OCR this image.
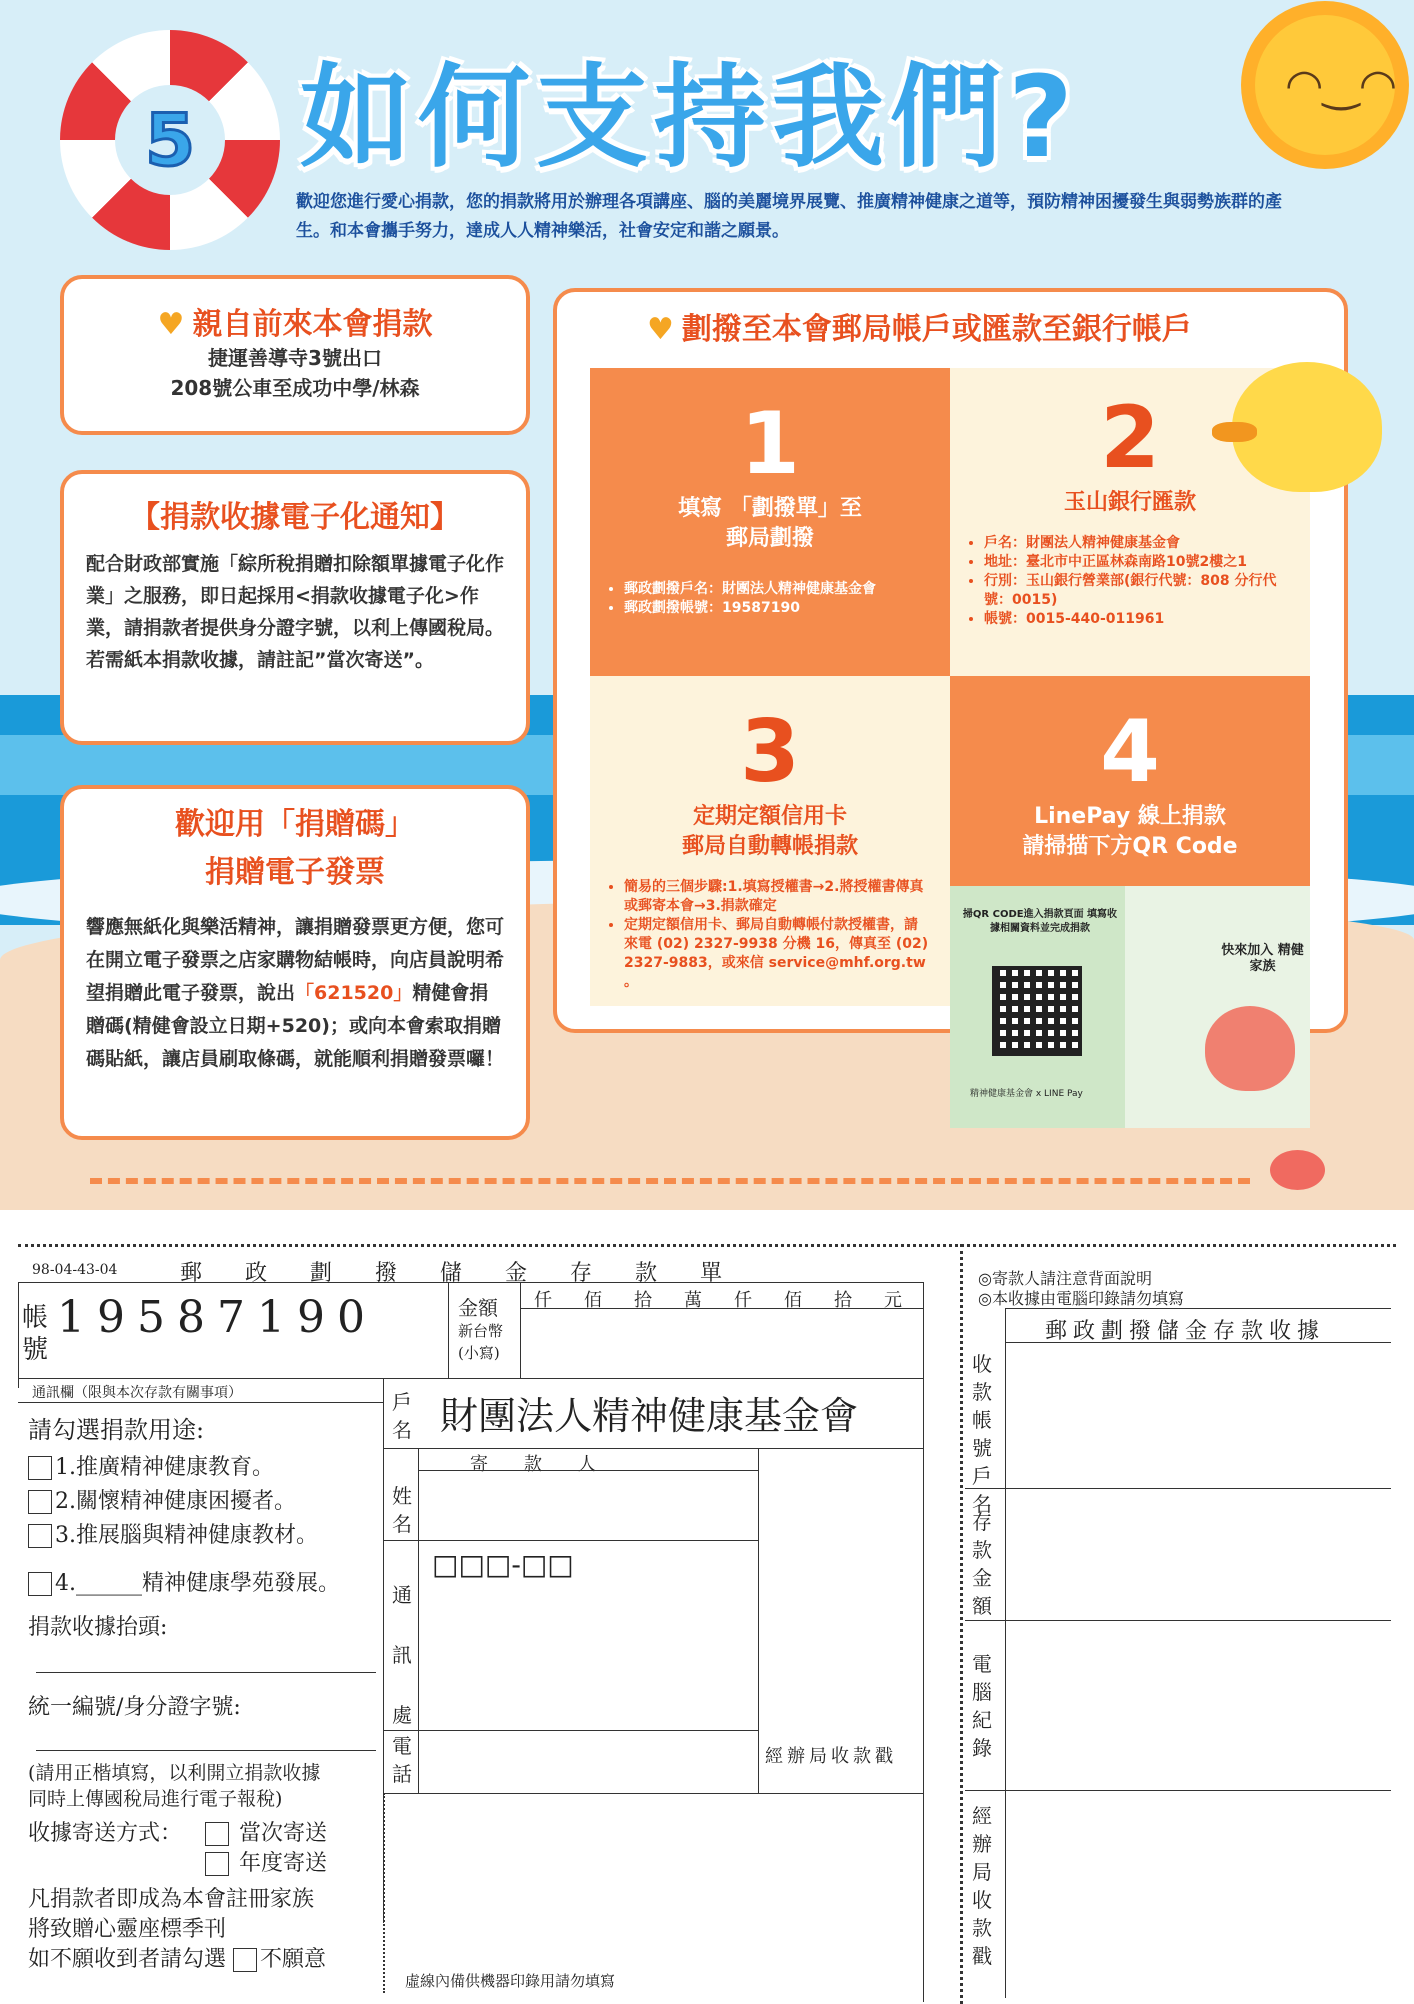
5 如何支持我們?	◠‿◠
歡迎您進行愛心捐款，您的捐款將用於辦理各項講座、腦的美麗境界展覽、推廣精神健康之道等，預防精神困擾發生與弱勢族群的產生。和本會攜手努力，達成人人精神樂活，社會安定和諧之願景。
♥ 親自前來本會捐款

捷運善導寺3號出口

208號公車至成功中學/林森

【捐款收據電子化通知】

配合財政部實施「綜所稅捐贈扣除額單據電子化作業」之服務，即日起採用<捐款收據電子化>作業，請捐款者提供身分證字號，以利上傳國稅局。若需紙本捐款收據，請註記”當次寄送”。

歡迎用「捐贈碼」
捐贈電子發票

響應無紙化與樂活精神，讓捐贈發票更方便，您可在開立電子發票之店家購物結帳時，向店員說明希望捐贈此電子發票，說出「621520」精健會捐贈碼(精健會設立日期+520)；或向本會索取捐贈碼貼紙，讓店員刷取條碼，就能順利捐贈發票囉！

♥ 劃撥至本會郵局帳戶或匯款至銀行帳戶
1
填寫 「劃撥單」至
郵局劃撥
• 郵政劃撥戶名：財團法人精神健康基金會
• 郵政劃撥帳號：19587190
2
玉山銀行匯款
• 戶名：財團法人精神健康基金會
• 地址：臺北市中正區林森南路10號2樓之1
• 行別：玉山銀行營業部(銀行代號：808 分行代號：0015)
• 帳號：0015-440-011961
3
定期定額信用卡
郵局自動轉帳捐款
• 簡易的三個步驟:1.填寫授權書→2.將授權書傳真或郵寄本會→3.捐款確定
• 定期定額信用卡、郵局自動轉帳付款授權書，請來電 (02) 2327-9938 分機 16，傳真至 (02) 2327-9883，或來信 service@mhf.org.tw 。
4
LinePay 線上捐款
請掃描下方QR Code
掃QR CODE進入捐款頁面 填寫收據相關資料並完成捐款
精神健康基金會 x LINE Pay
快來加入 精健家族
98-04-43-04	郵 政 劃 撥 儲 金 存 款 單
帳號
19587190	金額
新台幣
(小寫)
仟佰拾萬仟佰拾元
通訊欄（限與本次存款有關事項）
請勾選捐款用途:
1.推廣精神健康教育。
2.關懷精神健康困擾者。
3.推展腦與精神健康教材。
4.______精神健康學苑發展。
捐款收據抬頭:
統一編號/身分證字號:
(請用正楷填寫，以利開立捐款收據
同時上傳國稅局進行電子報稅)
收據寄送方式：	當次寄送
年度寄送
凡捐款者即成為本會註冊家族
將致贈心靈座標季刊
如不願收到者請勾選 不願意
戶名 財團法人精神健康基金會
寄　　款　　人
姓名
通訊處
□□□-□□
電話
經辦局收款戳
虛線內備供機器印錄用請勿填寫
◎寄款人請注意背面說明
◎本收據由電腦印錄請勿填寫
郵政劃撥儲金存款收據
收款帳號戶名
存款金額
電腦紀錄
經辦局收款戳
